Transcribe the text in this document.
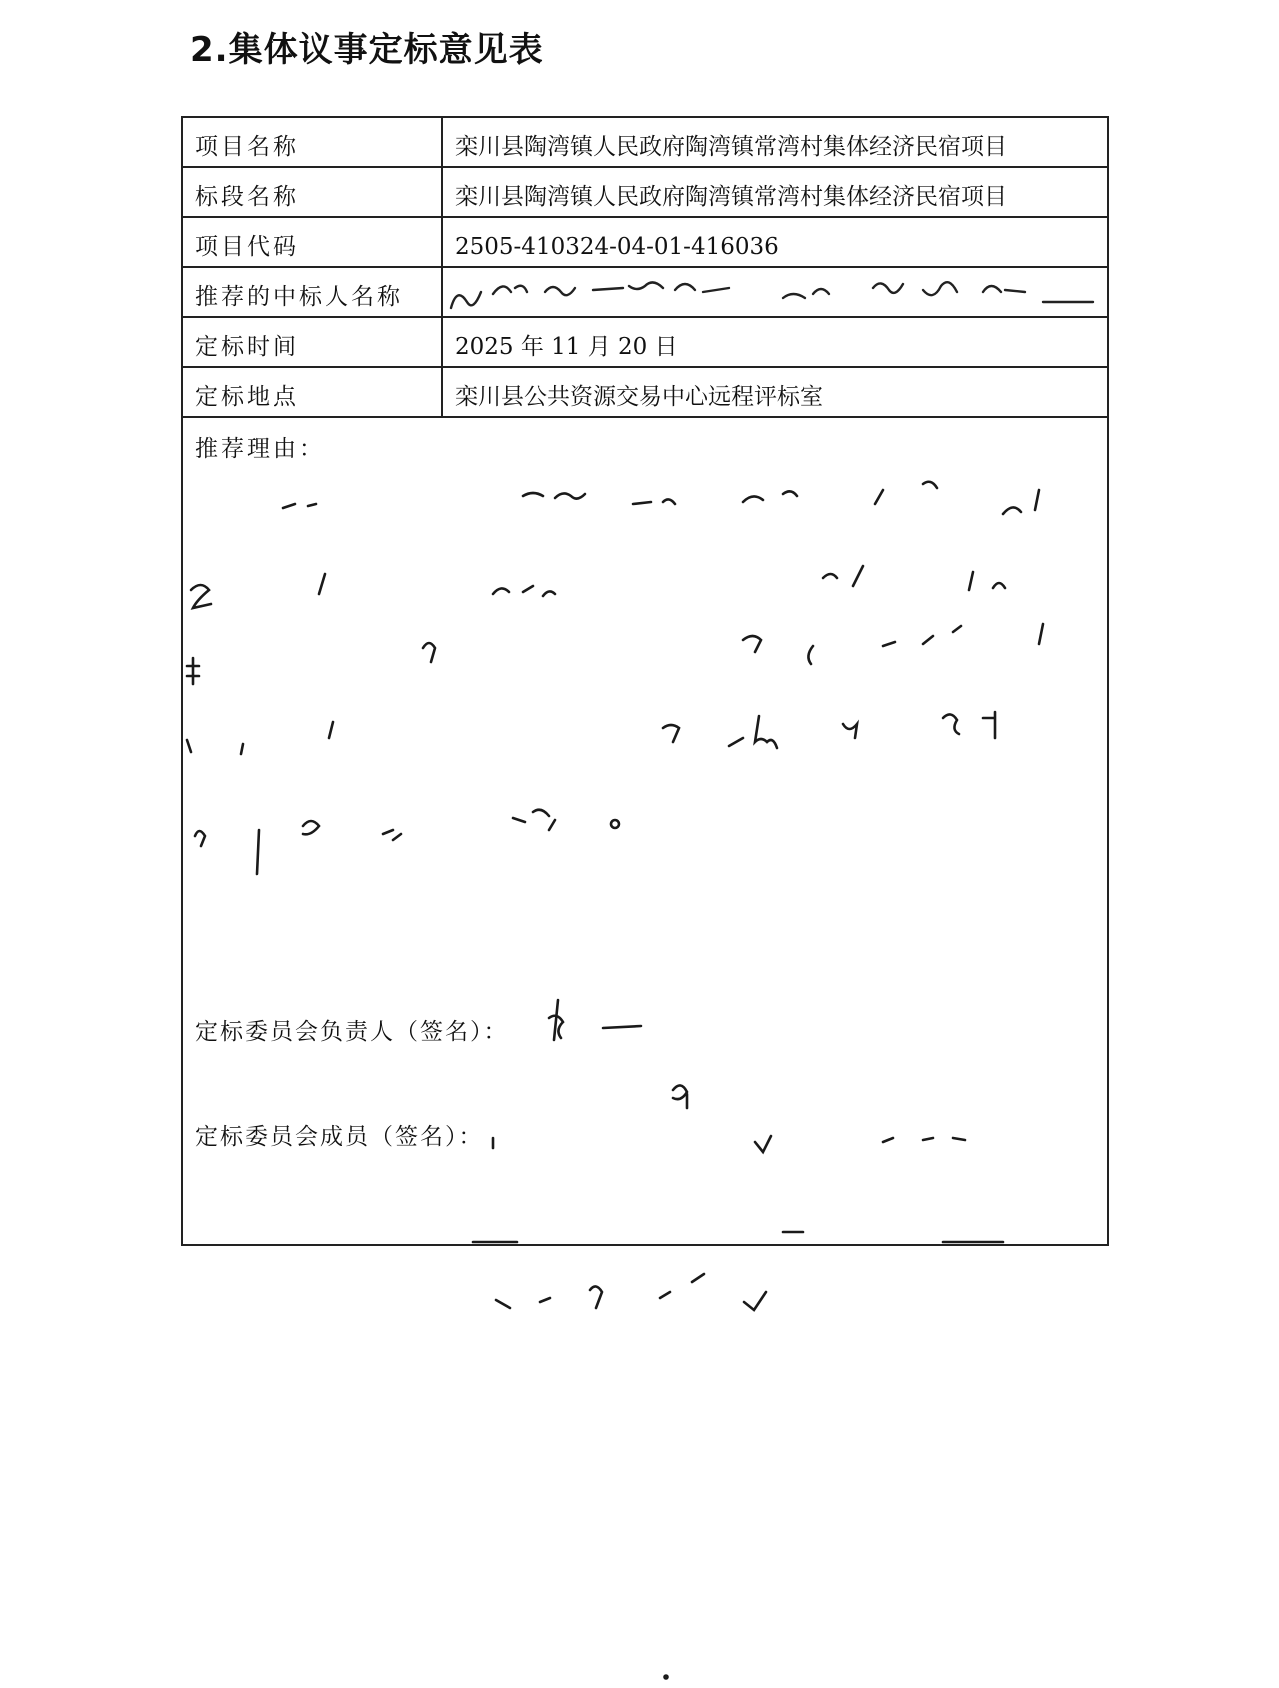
2.集体议事定标意见表
项目名称	栾川县陶湾镇人民政府陶湾镇常湾村集体经济民宿项目
标段名称	栾川县陶湾镇人民政府陶湾镇常湾村集体经济民宿项目
项目代码	2505-410324-04-01-416036
推荐的中标人名称
定标时间	2025 年 11 月 20 日
定标地点	栾川县公共资源交易中心远程评标室
推荐理由：
定标委员会负责人（签名）：
定标委员会成员（签名）：
